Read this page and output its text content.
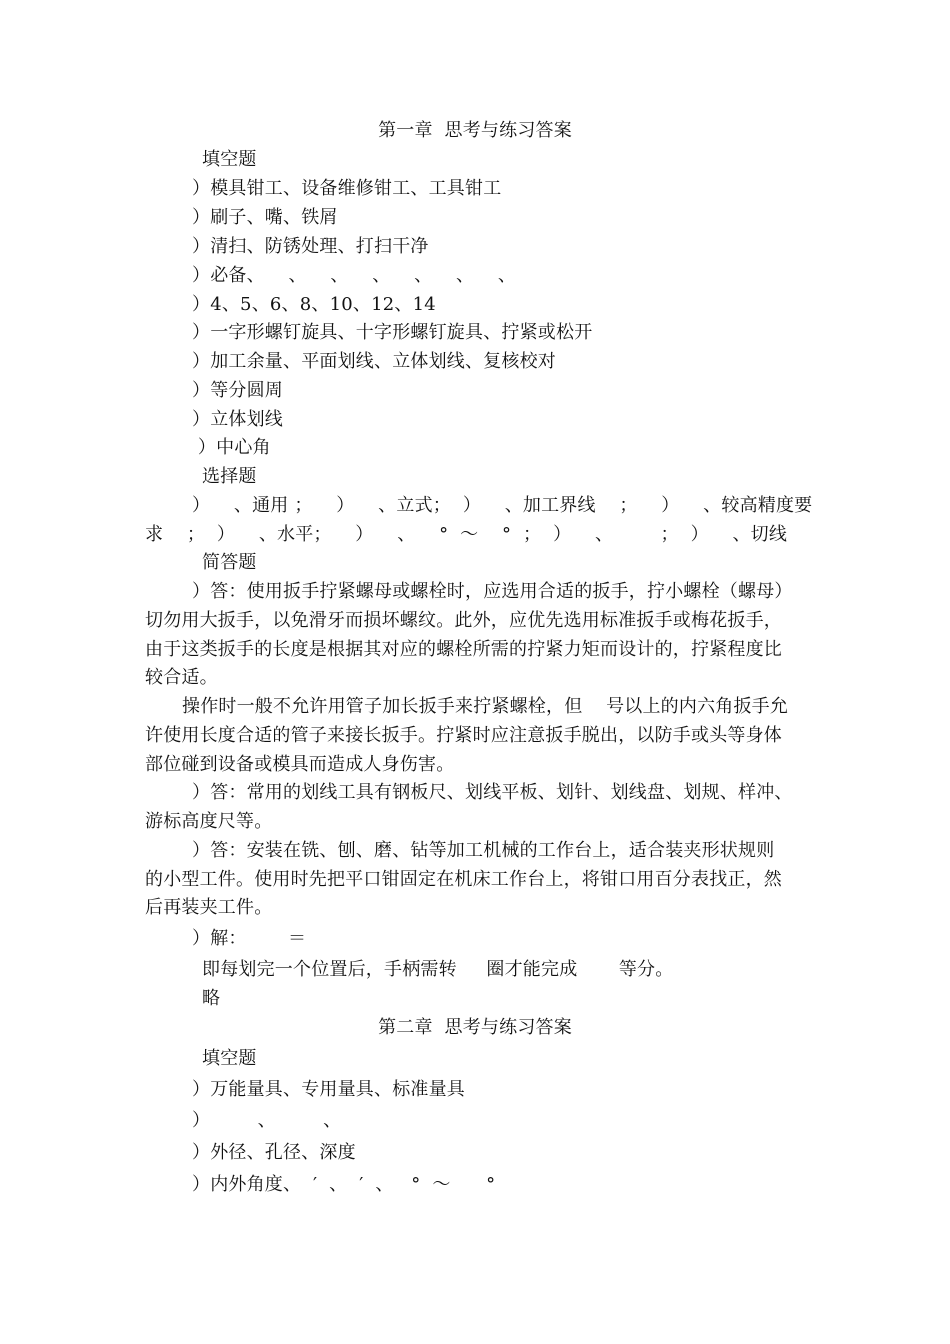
第一章  思考与练习答案
填空题
）模具钳工、设备维修钳工、工具钳工
）刷子、嘴、铁屑
）清扫、防锈处理、打扫干净
）必备、    、    、    、    、    、    、
）4、5、6、8、10、12、14
）一字形螺钉旋具、十字形螺钉旋具、拧紧或松开
）加工余量、平面划线、立体划线、复核校对
）等分圆周
）立体划线
）中心角
选择题
）    、通用 ；    ）    、立式；  ）    、加工界线    ；    ）    、较高精度要
求    ；  ）    、水平；    ）    、    °  ～    °  ；  ）    、        ；  ）    、切线
简答题
）答：使用扳手拧紧螺母或螺栓时，应选用合适的扳手，拧小螺栓（螺母）
切勿用大扳手，以免滑牙而损坏螺纹。此外，应优先选用标准扳手或梅花扳手，
由于这类扳手的长度是根据其对应的螺栓所需的拧紧力矩而设计的，拧紧程度比
较合适。
操作时一般不允许用管子加长扳手来拧紧螺栓，但    号以上的内六角扳手允
许使用长度合适的管子来接长扳手。拧紧时应注意扳手脱出，以防手或头等身体
部位碰到设备或模具而造成人身伤害。
）答：常用的划线工具有钢板尺、划线平板、划针、划线盘、划规、样冲、
游标高度尺等。
）答：安装在铣、刨、磨、钻等加工机械的工作台上，适合装夹形状规则
的小型工件。使用时先把平口钳固定在机床工作台上，将钳口用百分表找正，然
后再装夹工件。
）解：       ＝
即每划完一个位置后，手柄需转     圈才能完成       等分。
略
第二章  思考与练习答案
填空题
）万能量具、专用量具、标准量具
）        、        、
）外径、孔径、深度
）内外角度、  ′  、  ′  、   °  ～      °
